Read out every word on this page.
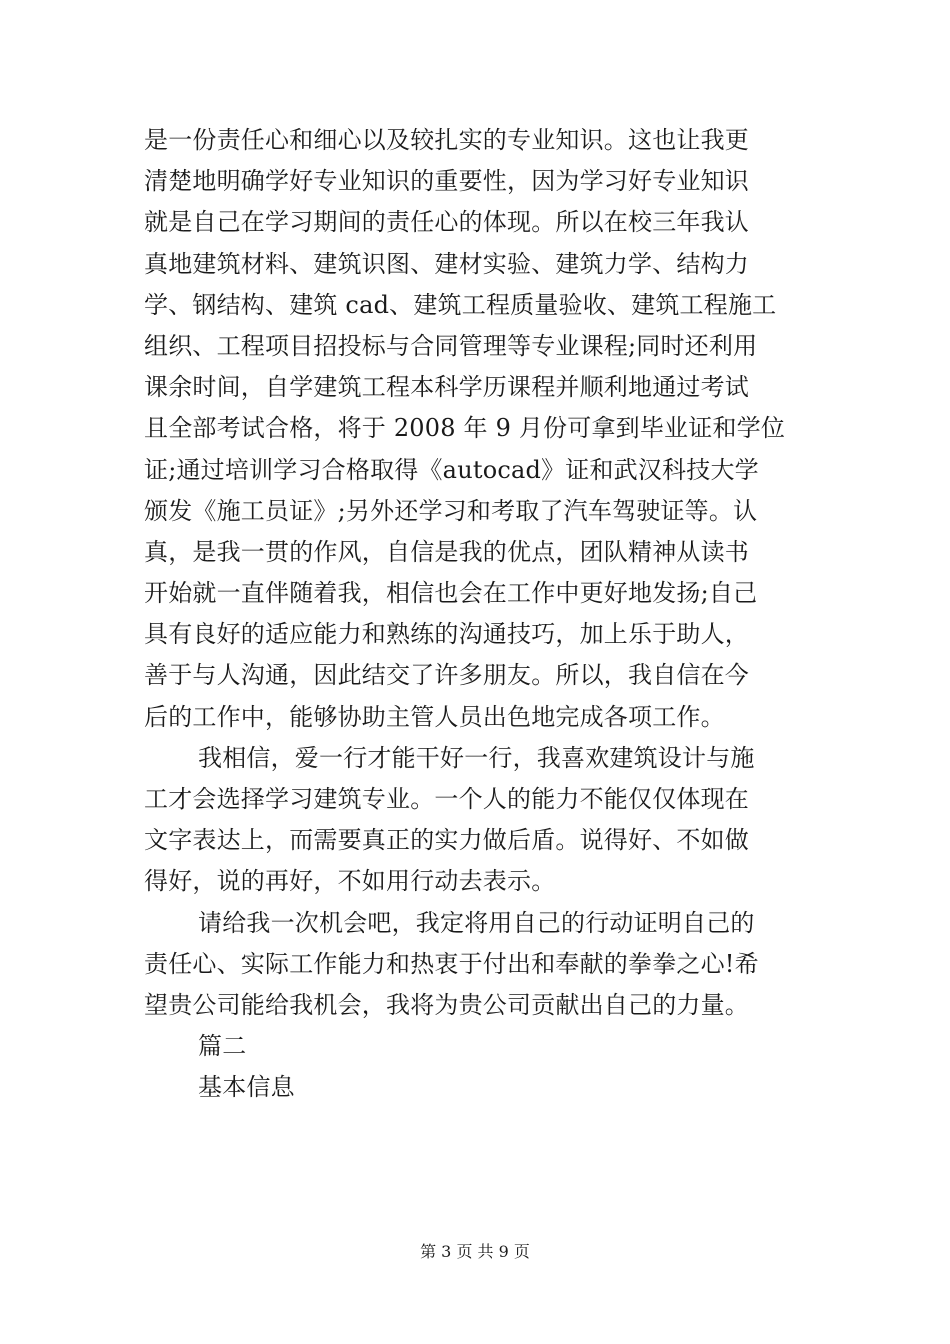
是一份责任心和细心以及较扎实的专业知识。这也让我更
清楚地明确学好专业知识的重要性，因为学习好专业知识
就是自己在学习期间的责任心的体现。所以在校三年我认
真地建筑材料、建筑识图、建材实验、建筑力学、结构力
学、钢结构、建筑 cad、建筑工程质量验收、建筑工程施工
组织、工程项目招投标与合同管理等专业课程;同时还利用
课余时间，自学建筑工程本科学历课程并顺利地通过考试
且全部考试合格，将于 2008 年 9 月份可拿到毕业证和学位
证;通过培训学习合格取得《autocad》证和武汉科技大学
颁发《施工员证》;另外还学习和考取了汽车驾驶证等。认
真，是我一贯的作风，自信是我的优点，团队精神从读书
开始就一直伴随着我，相信也会在工作中更好地发扬;自己
具有良好的适应能力和熟练的沟通技巧，加上乐于助人，
善于与人沟通，因此结交了许多朋友。所以，我自信在今
后的工作中，能够协助主管人员出色地完成各项工作。
我相信，爱一行才能干好一行，我喜欢建筑设计与施
工才会选择学习建筑专业。一个人的能力不能仅仅体现在
文字表达上，而需要真正的实力做后盾。说得好、不如做
得好，说的再好，不如用行动去表示。
请给我一次机会吧，我定将用自己的行动证明自己的
责任心、实际工作能力和热衷于付出和奉献的拳拳之心!希
望贵公司能给我机会，我将为贵公司贡献出自己的力量。
篇二
基本信息
第 3 页 共 9 页
